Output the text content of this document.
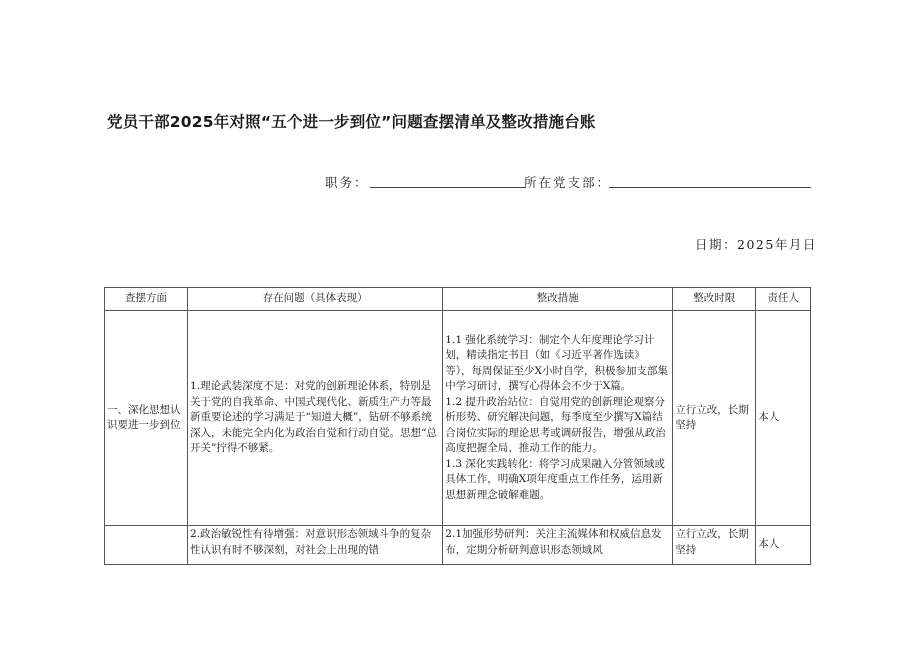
党员干部2025年对照“五个进一步到位”问题查摆清单及整改措施台账
职务：	所在党支部：
日期：2025年月日
查摆方面	存在问题（具体表现）	整改措施	整改时限	责任人
一、深化思想认识要进一步到位	1.理论武装深度不足：对党的创新理论体系，特别是关于党的自我革命、中国式现代化、新质生产力等最新重要论述的学习满足于“知道大概”，钻研不够系统深入，未能完全内化为政治自觉和行动自觉。思想“总开关”拧得不够紧。	1.1 强化系统学习：制定个人年度理论学习计划，精读指定书目（如《习近平著作选读》等），每周保证至少X小时自学，积极参加支部集中学习研讨，撰写心得体会不少于X篇。
1.2 提升政治站位：自觉用党的创新理论观察分析形势、研究解决问题，每季度至少撰写X篇结合岗位实际的理论思考或调研报告，增强从政治高度把握全局、推动工作的能力。
1.3 深化实践转化：将学习成果融入分管领域或具体工作，明确X项年度重点工作任务，运用新思想新理念破解难题。	立行立改，长期坚持	本人
	2.政治敏锐性有待增强：对意识形态领域斗争的复杂性认识有时不够深刻，对社会上出现的错	2.1加强形势研判：关注主流媒体和权威信息发布，定期分析研判意识形态领域风	立行立改，长期坚持	本人
